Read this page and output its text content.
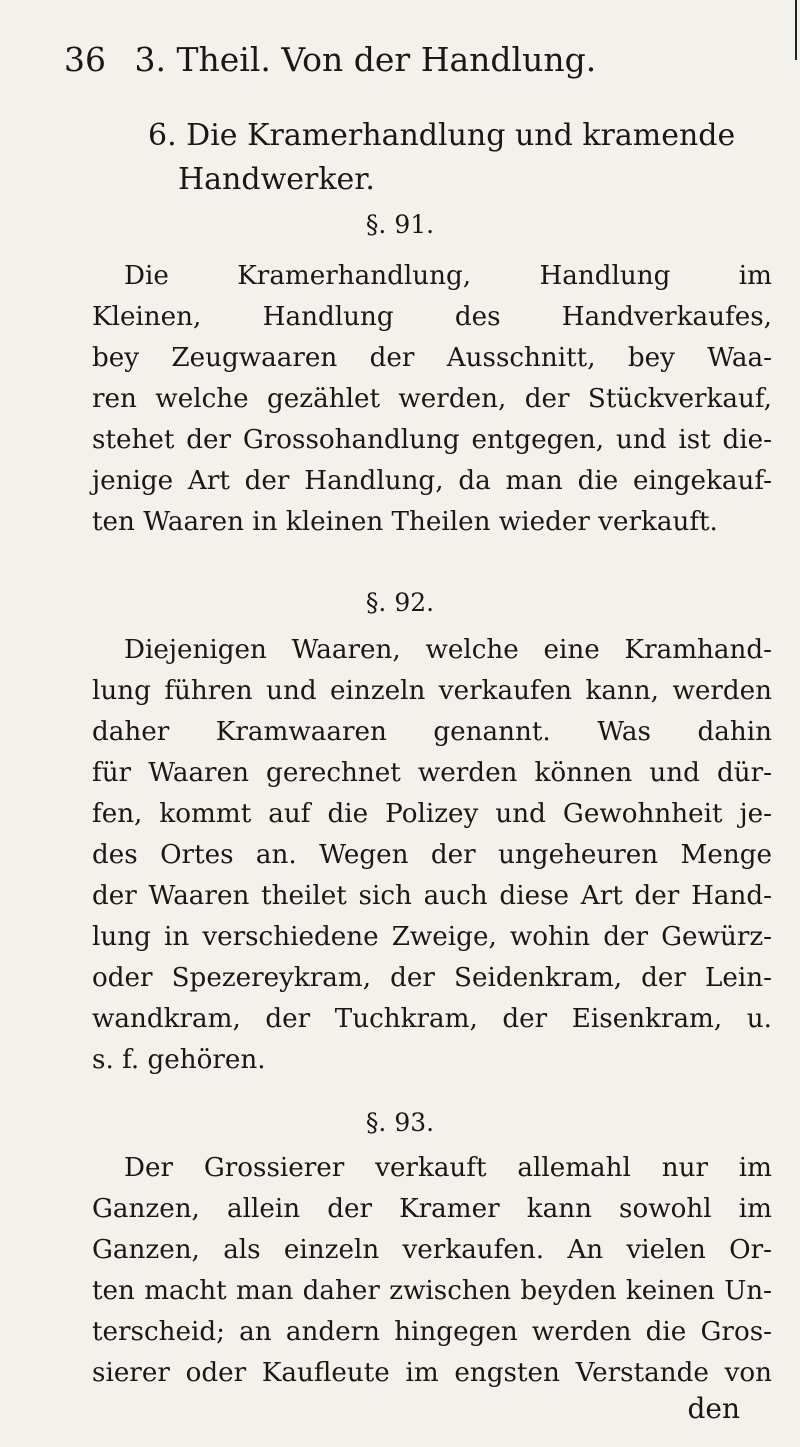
36 3. Theil. Von der Handlung.
6. Die Kramerhandlung und kramende
Handwerker.
§. 91.
Die Kramerhandlung, Handlung im
Kleinen, Handlung des Handverkaufes,
bey Zeugwaaren der Ausschnitt, bey Waa-
ren welche gezählet werden, der Stückverkauf,
stehet der Grossohandlung entgegen, und ist die-
jenige Art der Handlung, da man die eingekauf-
ten Waaren in kleinen Theilen wieder verkauft.
§. 92.
Diejenigen Waaren, welche eine Kramhand-
lung führen und einzeln verkaufen kann, werden
daher Kramwaaren genannt. Was dahin
für Waaren gerechnet werden können und dür-
fen, kommt auf die Polizey und Gewohnheit je-
des Ortes an. Wegen der ungeheuren Menge
der Waaren theilet sich auch diese Art der Hand-
lung in verschiedene Zweige, wohin der Gewürz-
oder Spezereykram, der Seidenkram, der Lein-
wandkram, der Tuchkram, der Eisenkram, u.
s. f. gehören.
§. 93.
Der Grossierer verkauft allemahl nur im
Ganzen, allein der Kramer kann sowohl im
Ganzen, als einzeln verkaufen. An vielen Or-
ten macht man daher zwischen beyden keinen Un-
terscheid; an andern hingegen werden die Gros-
sierer oder Kaufleute im engsten Verstande von
den
